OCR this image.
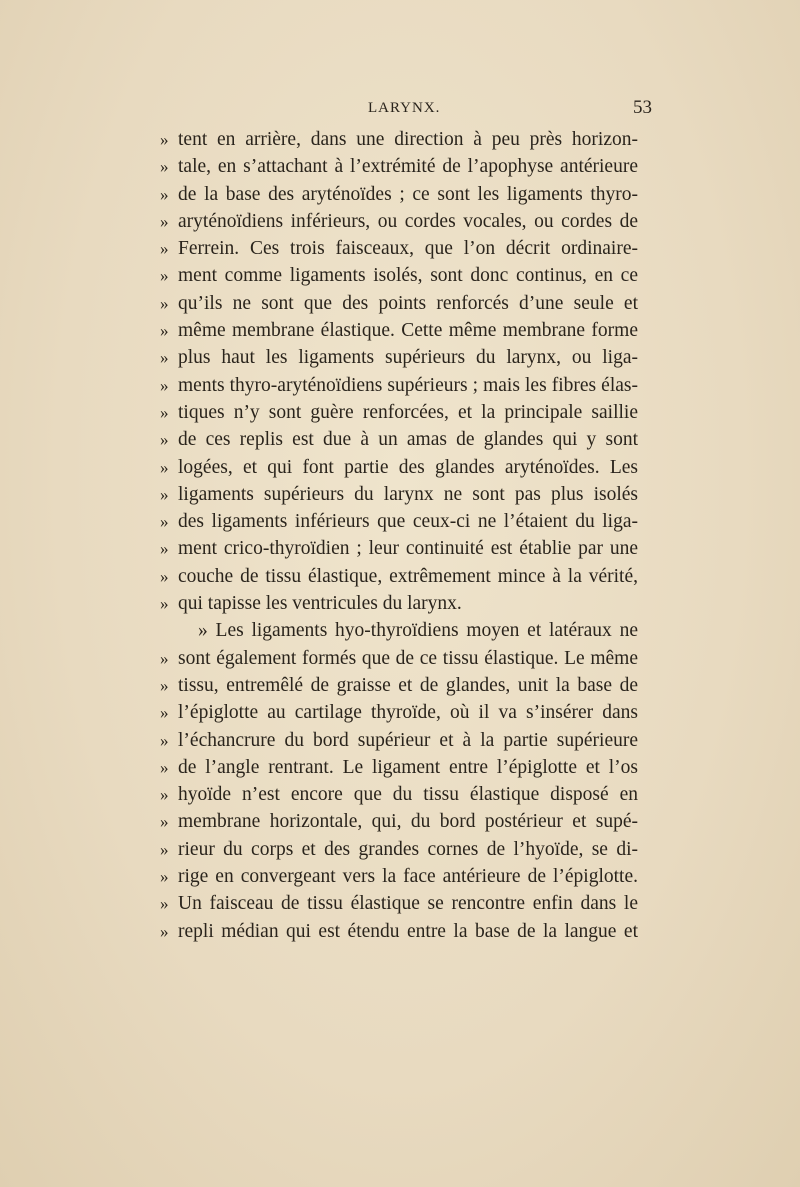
LARYNX.	53
» tent en arrière, dans une direction à peu près horizon-
» tale, en s’attachant à l’extrémité de l’apophyse antérieure
» de la base des aryténoïdes ; ce sont les ligaments thyro-
» aryténoïdiens inférieurs, ou cordes vocales, ou cordes de
» Ferrein. Ces trois faisceaux, que l’on décrit ordinaire-
» ment comme ligaments isolés, sont donc continus, en ce
» qu’ils ne sont que des points renforcés d’une seule et
» même membrane élastique. Cette même membrane forme
» plus haut les ligaments supérieurs du larynx, ou liga-
» ments thyro-aryténoïdiens supérieurs ; mais les fibres élas-
» tiques n’y sont guère renforcées, et la principale saillie
» de ces replis est due à un amas de glandes qui y sont
» logées, et qui font partie des glandes aryténoïdes. Les
» ligaments supérieurs du larynx ne sont pas plus isolés
» des ligaments inférieurs que ceux-ci ne l’étaient du liga-
» ment crico-thyroïdien ; leur continuité est établie par une
» couche de tissu élastique, extrêmement mince à la vérité,
» qui tapisse les ventricules du larynx.
» Les ligaments hyo-thyroïdiens moyen et latéraux ne
» sont également formés que de ce tissu élastique. Le même
» tissu, entremêlé de graisse et de glandes, unit la base de
» l’épiglotte au cartilage thyroïde, où il va s’insérer dans
» l’échancrure du bord supérieur et à la partie supérieure
» de l’angle rentrant. Le ligament entre l’épiglotte et l’os
» hyoïde n’est encore que du tissu élastique disposé en
» membrane horizontale, qui, du bord postérieur et supé-
» rieur du corps et des grandes cornes de l’hyoïde, se di-
» rige en convergeant vers la face antérieure de l’épiglotte.
» Un faisceau de tissu élastique se rencontre enfin dans le
» repli médian qui est étendu entre la base de la langue et
